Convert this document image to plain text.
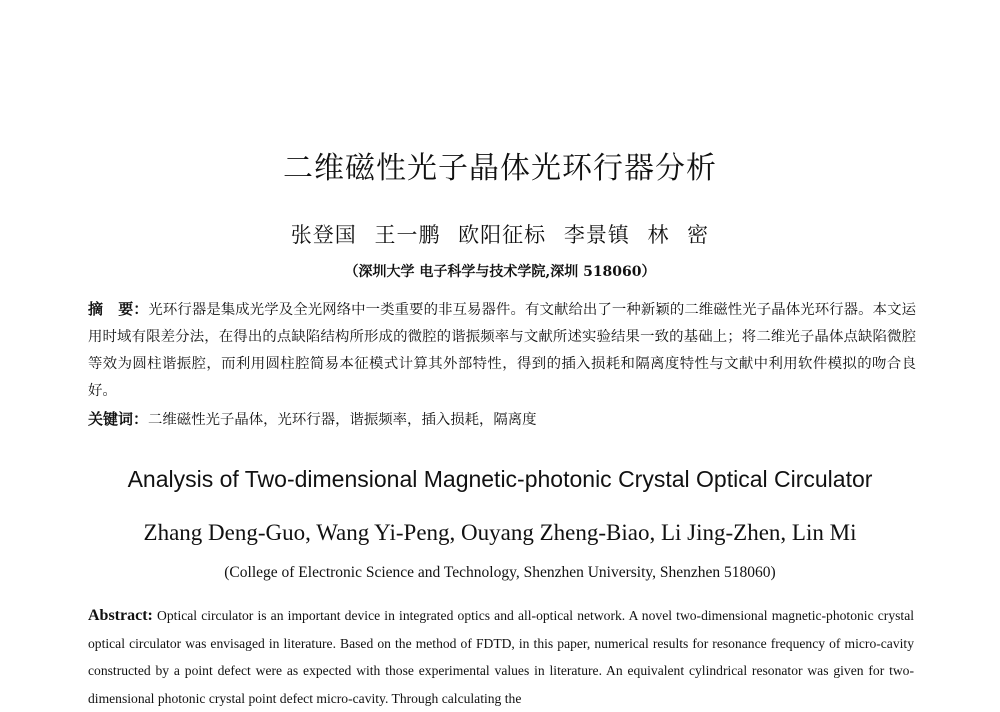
二维磁性光子晶体光环行器分析
张登国 王一鹏 欧阳征标 李景镇 林 密
（深圳大学 电子科学与技术学院,深圳 518060）
摘　要：光环行器是集成光学及全光网络中一类重要的非互易器件。有文献给出了一种新颖的二维磁性光子晶体光环行器。本文运用时域有限差分法，在得出的点缺陷结构所形成的微腔的谐振频率与文献所述实验结果一致的基础上；将二维光子晶体点缺陷微腔等效为圆柱谐振腔，而利用圆柱腔简易本征模式计算其外部特性，得到的插入损耗和隔离度特性与文献中利用软件模拟的吻合良好。
关键词：二维磁性光子晶体，光环行器，谐振频率，插入损耗，隔离度
Analysis of Two-dimensional Magnetic-photonic Crystal Optical Circulator
Zhang Deng-Guo, Wang Yi-Peng, Ouyang Zheng-Biao, Li Jing-Zhen, Lin Mi
(College of Electronic Science and Technology, Shenzhen University, Shenzhen 518060)
Abstract: Optical circulator is an important device in integrated optics and all-optical network. A novel two-dimensional magnetic-photonic crystal optical circulator was envisaged in literature. Based on the method of FDTD, in this paper, numerical results for resonance frequency of micro-cavity constructed by a point defect were as expected with those experimental values in literature. An equivalent cylindrical resonator was given for two-dimensional photonic crystal point defect micro-cavity. Through calculating the
